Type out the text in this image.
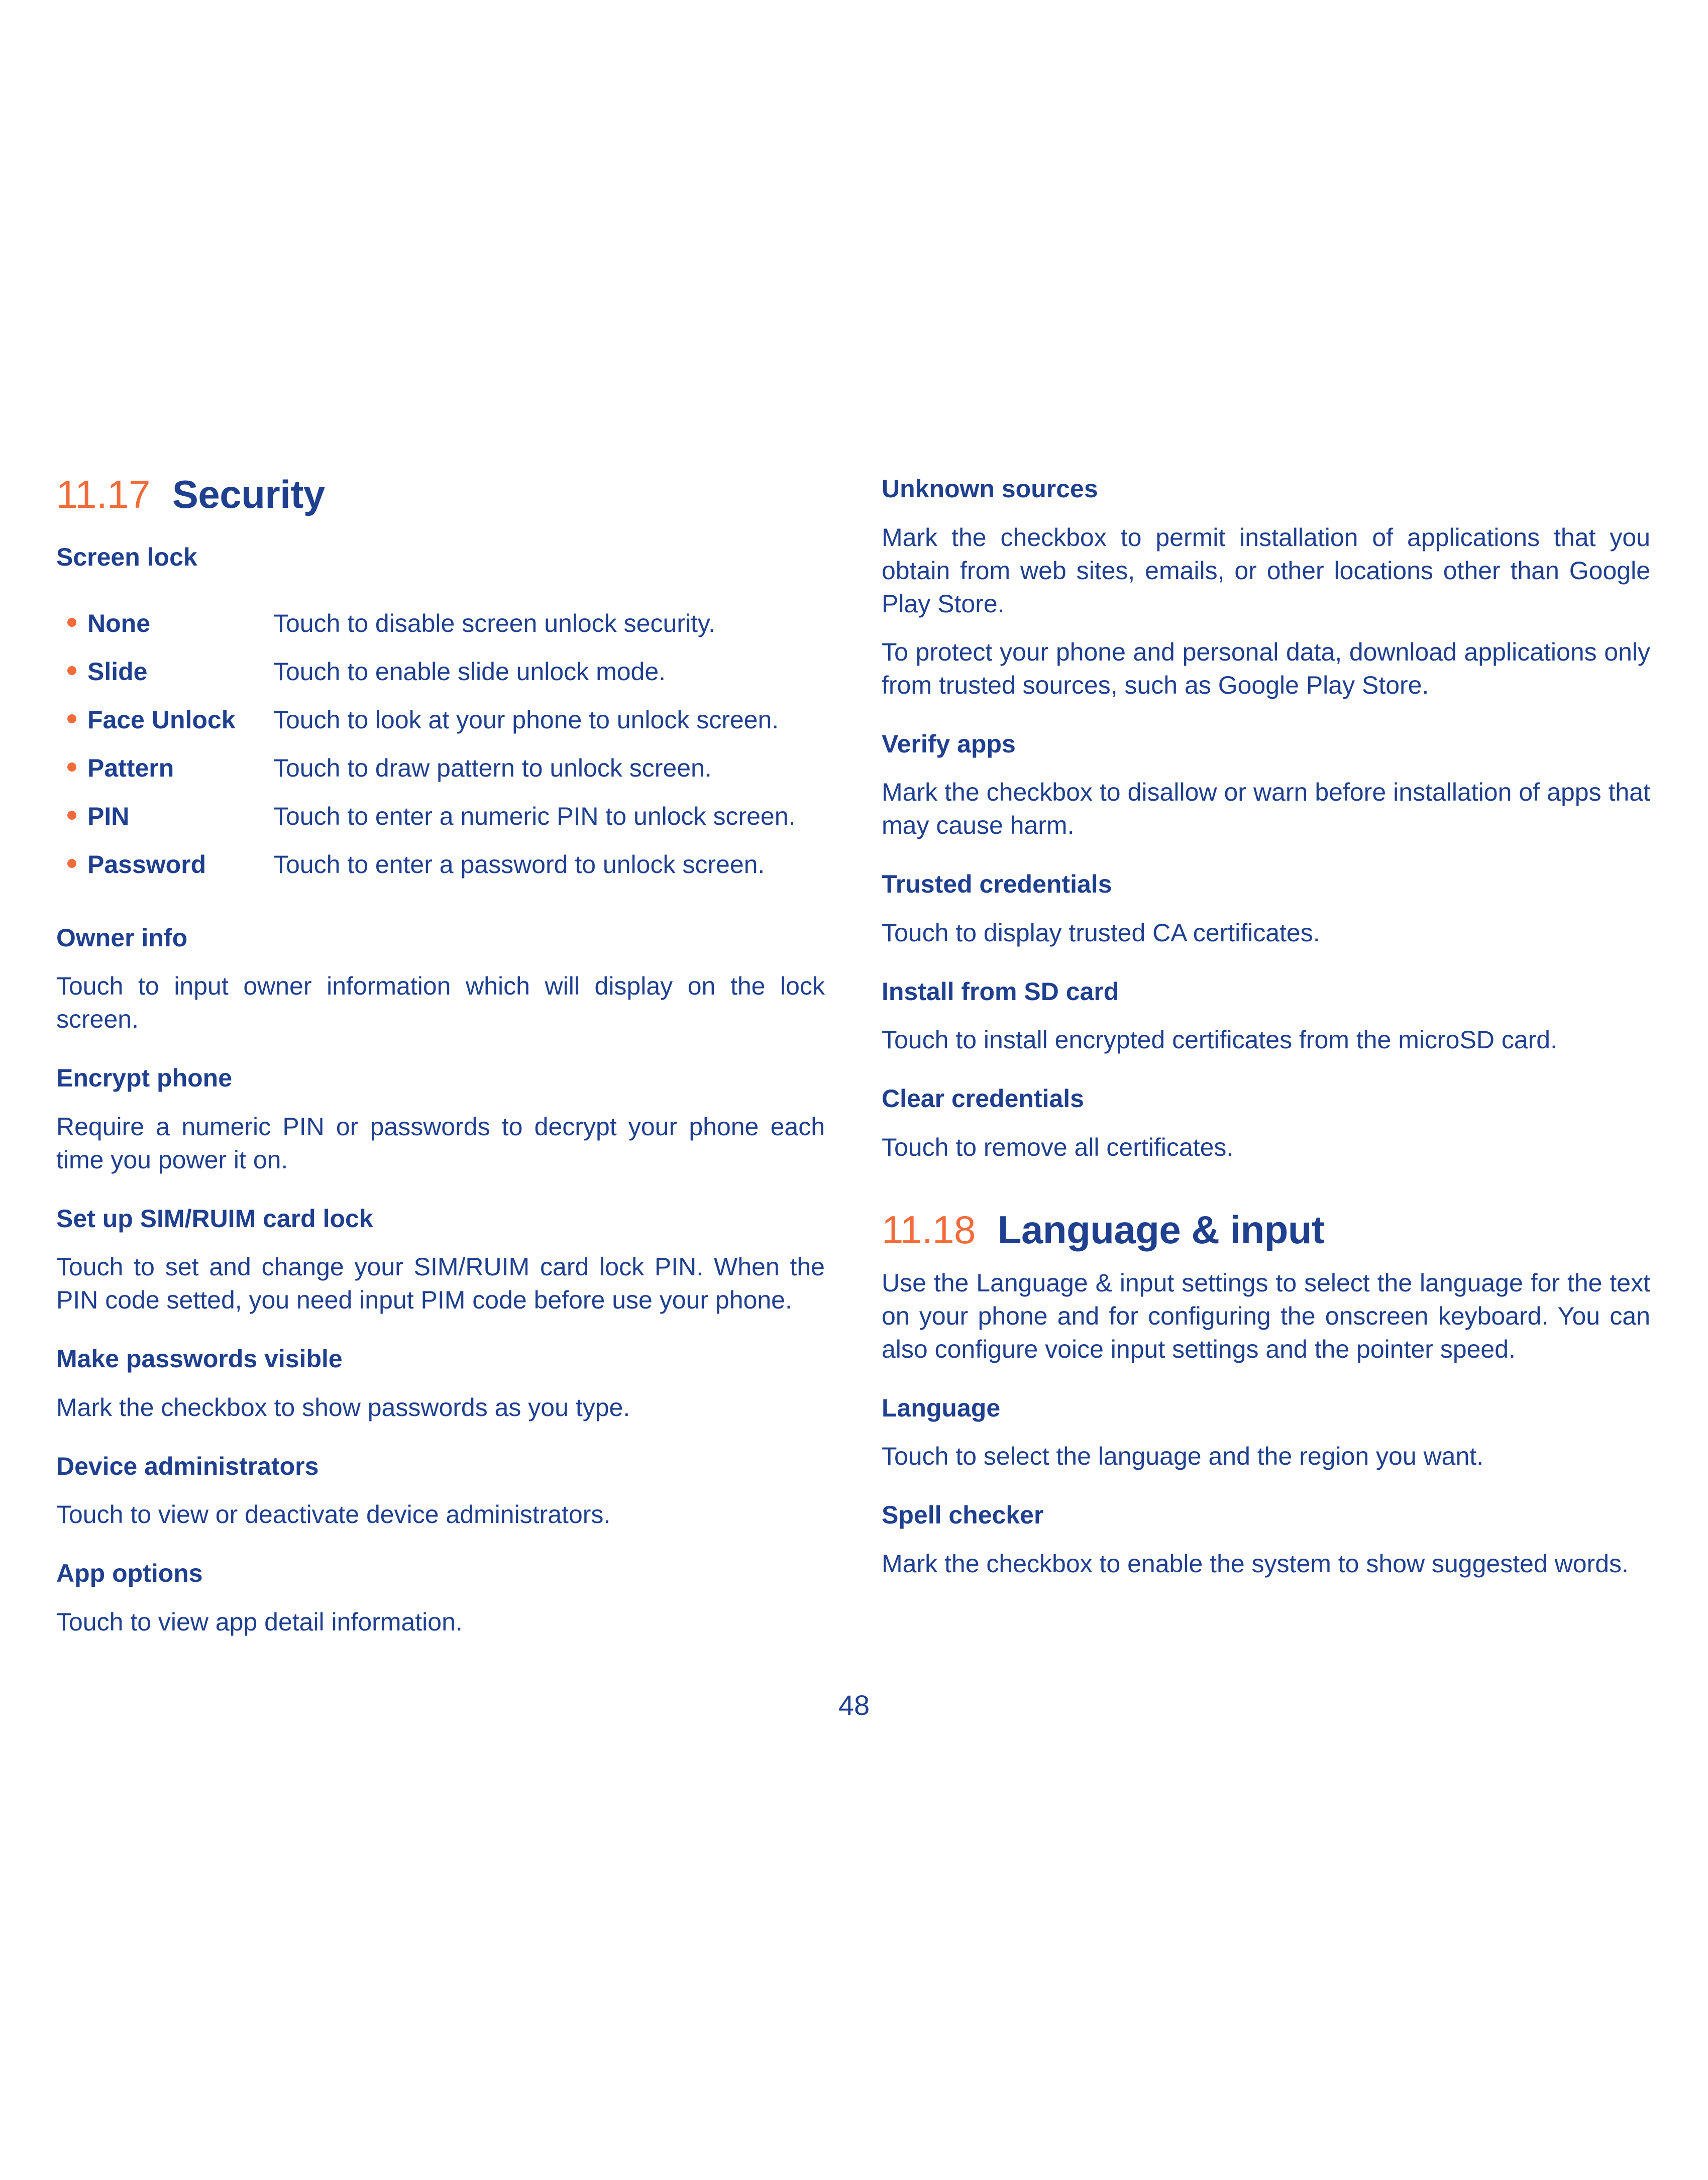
11.17 Security
Screen lock
None	Touch to disable screen unlock security.
Slide	Touch to enable slide unlock mode.
Face Unlock	Touch to look at your phone to unlock screen.
Pattern	Touch to draw pattern to unlock screen.
PIN	Touch to enter a numeric PIN to unlock screen.
Password	Touch to enter a password to unlock screen.
Owner info

Touch to input owner information which will display on the lock screen.

Encrypt phone

Require a numeric PIN or passwords to decrypt your phone each time you power it on.

Set up SIM/RUIM card lock

Touch to set and change your SIM/RUIM card lock PIN. When the PIN code setted, you need input PIM code before use your phone.

Make passwords visible

Mark the checkbox to show passwords as you type.

Device administrators

Touch to view or deactivate device administrators.

App options

Touch to view app detail information.

Unknown sources

Mark the checkbox to permit installation of applications that you obtain from web sites, emails, or other locations other than Google Play Store.

To protect your phone and personal data, download applications only from trusted sources, such as Google Play Store.

Verify apps

Mark the checkbox to disallow or warn before installation of apps that may cause harm.

Trusted credentials

Touch to display trusted CA certificates.

Install from SD card

Touch to install encrypted certificates from the microSD card.

Clear credentials

Touch to remove all certificates.

11.18 Language & input

Use the Language & input settings to select the language for the text on your phone and for configuring the onscreen keyboard. You can also configure voice input settings and the pointer speed.

Language

Touch to select the language and the region you want.

Spell checker

Mark the checkbox to enable the system to show suggested words.

48
